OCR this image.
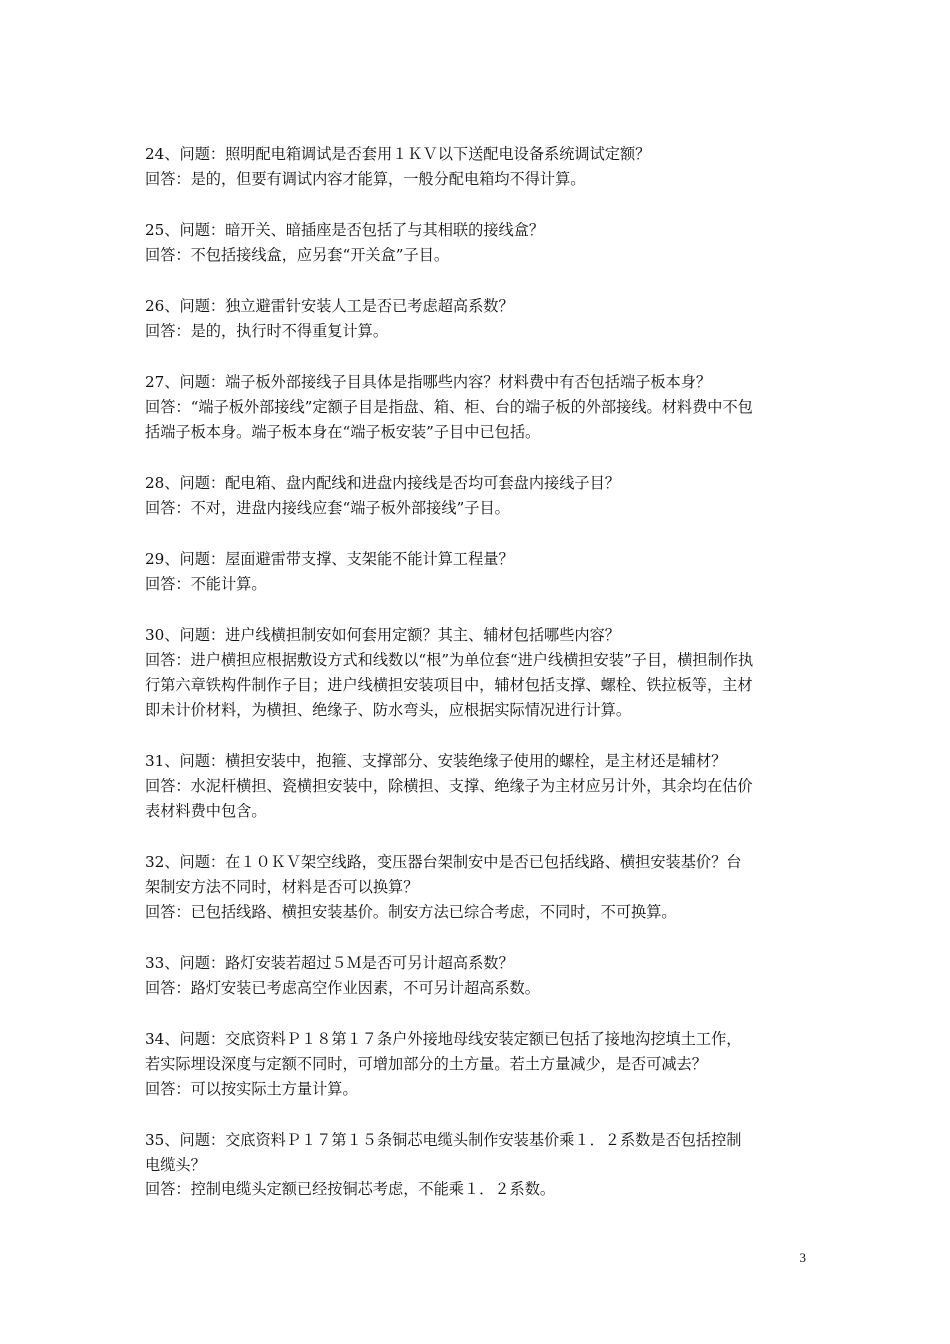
24、问题：照明配电箱调试是否套用１ＫＶ以下送配电设备系统调试定额？

回答：是的，但要有调试内容才能算，一般分配电箱均不得计算。

25、问题：暗开关、暗插座是否包括了与其相联的接线盒？

回答：不包括接线盒，应另套“开关盒”子目。

26、问题：独立避雷针安装人工是否已考虑超高系数？

回答：是的，执行时不得重复计算。

27、问题：端子板外部接线子目具体是指哪些内容？材料费中有否包括端子板本身？

回答：“端子板外部接线”定额子目是指盘、箱、柜、台的端子板的外部接线。材料费中不包

括端子板本身。端子板本身在“端子板安装”子目中已包括。

28、问题：配电箱、盘内配线和进盘内接线是否均可套盘内接线子目？

回答：不对，进盘内接线应套“端子板外部接线”子目。

29、问题：屋面避雷带支撑、支架能不能计算工程量？

回答：不能计算。

30、问题：进户线横担制安如何套用定额？其主、辅材包括哪些内容？

回答：进户横担应根据敷设方式和线数以“根”为单位套“进户线横担安装”子目，横担制作执

行第六章铁构件制作子目；进户线横担安装项目中，辅材包括支撑、螺栓、铁拉板等，主材

即未计价材料，为横担、绝缘子、防水弯头，应根据实际情况进行计算。

31、问题：横担安装中，抱箍、支撑部分、安装绝缘子使用的螺栓，是主材还是辅材？

回答：水泥杆横担、瓷横担安装中，除横担、支撑、绝缘子为主材应另计外，其余均在估价

表材料费中包含。

32、问题：在１０ＫＶ架空线路，变压器台架制安中是否已包括线路、横担安装基价？台

架制安方法不同时，材料是否可以换算？

回答：已包括线路、横担安装基价。制安方法已综合考虑，不同时，不可换算。

33、问题：路灯安装若超过５Ｍ是否可另计超高系数？

回答：路灯安装已考虑高空作业因素，不可另计超高系数。

34、问题：交底资料Ｐ１８第１７条户外接地母线安装定额已包括了接地沟挖填土工作，

若实际埋设深度与定额不同时，可增加部分的土方量。若土方量减少，是否可减去？

回答：可以按实际土方量计算。

35、问题：交底资料Ｐ１７第１５条铜芯电缆头制作安装基价乘１．２系数是否包括控制

电缆头？

回答：控制电缆头定额已经按铜芯考虑，不能乘１．２系数。

3
